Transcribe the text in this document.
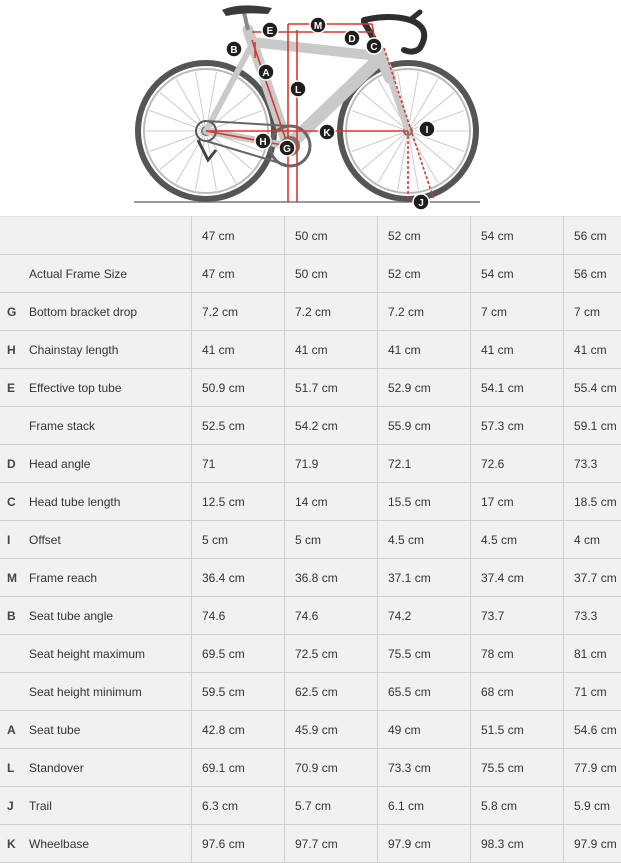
A
B	C
D
E
G
H
I
J
K
L
M
		47 cm	50 cm	52 cm	54 cm	56 cm
	Actual Frame Size	47 cm	50 cm	52 cm	54 cm	56 cm
G	Bottom bracket drop	7.2 cm	7.2 cm	7.2 cm	7 cm	7 cm
H	Chainstay length	41 cm	41 cm	41 cm	41 cm	41 cm
E	Effective top tube	50.9 cm	51.7 cm	52.9 cm	54.1 cm	55.4 cm
	Frame stack	52.5 cm	54.2 cm	55.9 cm	57.3 cm	59.1 cm
D	Head angle	71	71.9	72.1	72.6	73.3
C	Head tube length	12.5 cm	14 cm	15.5 cm	17 cm	18.5 cm
I	Offset	5 cm	5 cm	4.5 cm	4.5 cm	4 cm
M	Frame reach	36.4 cm	36.8 cm	37.1 cm	37.4 cm	37.7 cm
B	Seat tube angle	74.6	74.6	74.2	73.7	73.3
	Seat height maximum	69.5 cm	72.5 cm	75.5 cm	78 cm	81 cm
	Seat height minimum	59.5 cm	62.5 cm	65.5 cm	68 cm	71 cm
A	Seat tube	42.8 cm	45.9 cm	49 cm	51.5 cm	54.6 cm
L	Standover	69.1 cm	70.9 cm	73.3 cm	75.5 cm	77.9 cm
J	Trail	6.3 cm	5.7 cm	6.1 cm	5.8 cm	5.9 cm
K	Wheelbase	97.6 cm	97.7 cm	97.9 cm	98.3 cm	97.9 cm
